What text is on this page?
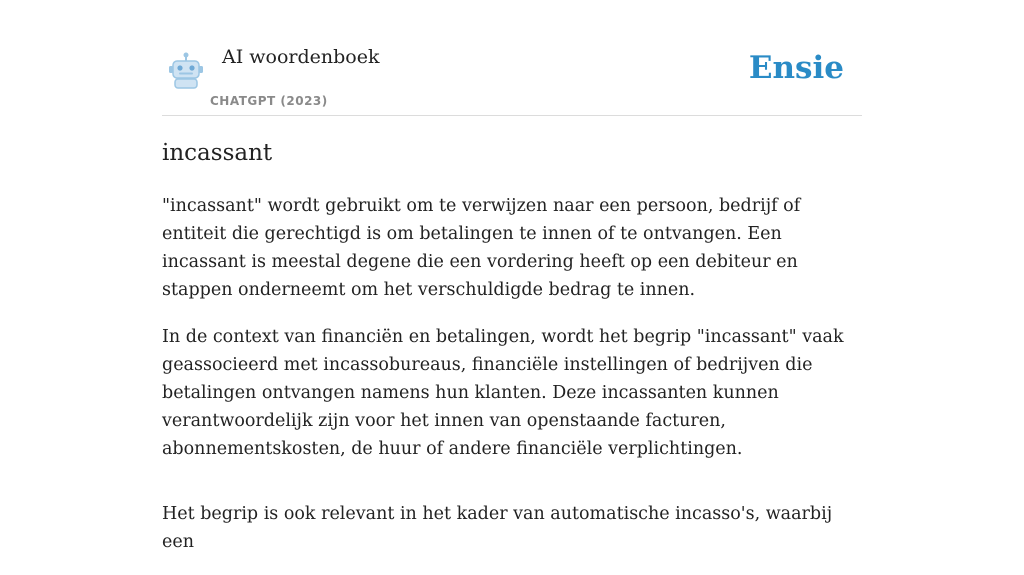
AI woordenboek
CHATGPT (2023)
Ensie
incassant

"incassant" wordt gebruikt om te verwijzen naar een persoon, bedrijf of entiteit die gerechtigd is om betalingen te innen of te ontvangen. Een incassant is meestal degene die een vordering heeft op een debiteur en stappen onderneemt om het verschuldigde bedrag te innen.

In de context van financiën en betalingen, wordt het begrip "incassant" vaak geassocieerd met incassobureaus, financiële instellingen of bedrijven die betalingen ontvangen namens hun klanten. Deze incassanten kunnen verantwoordelijk zijn voor het innen van openstaande facturen, abonnementskosten, de huur of andere financiële verplichtingen.

Het begrip is ook relevant in het kader van automatische incasso's, waarbij een
